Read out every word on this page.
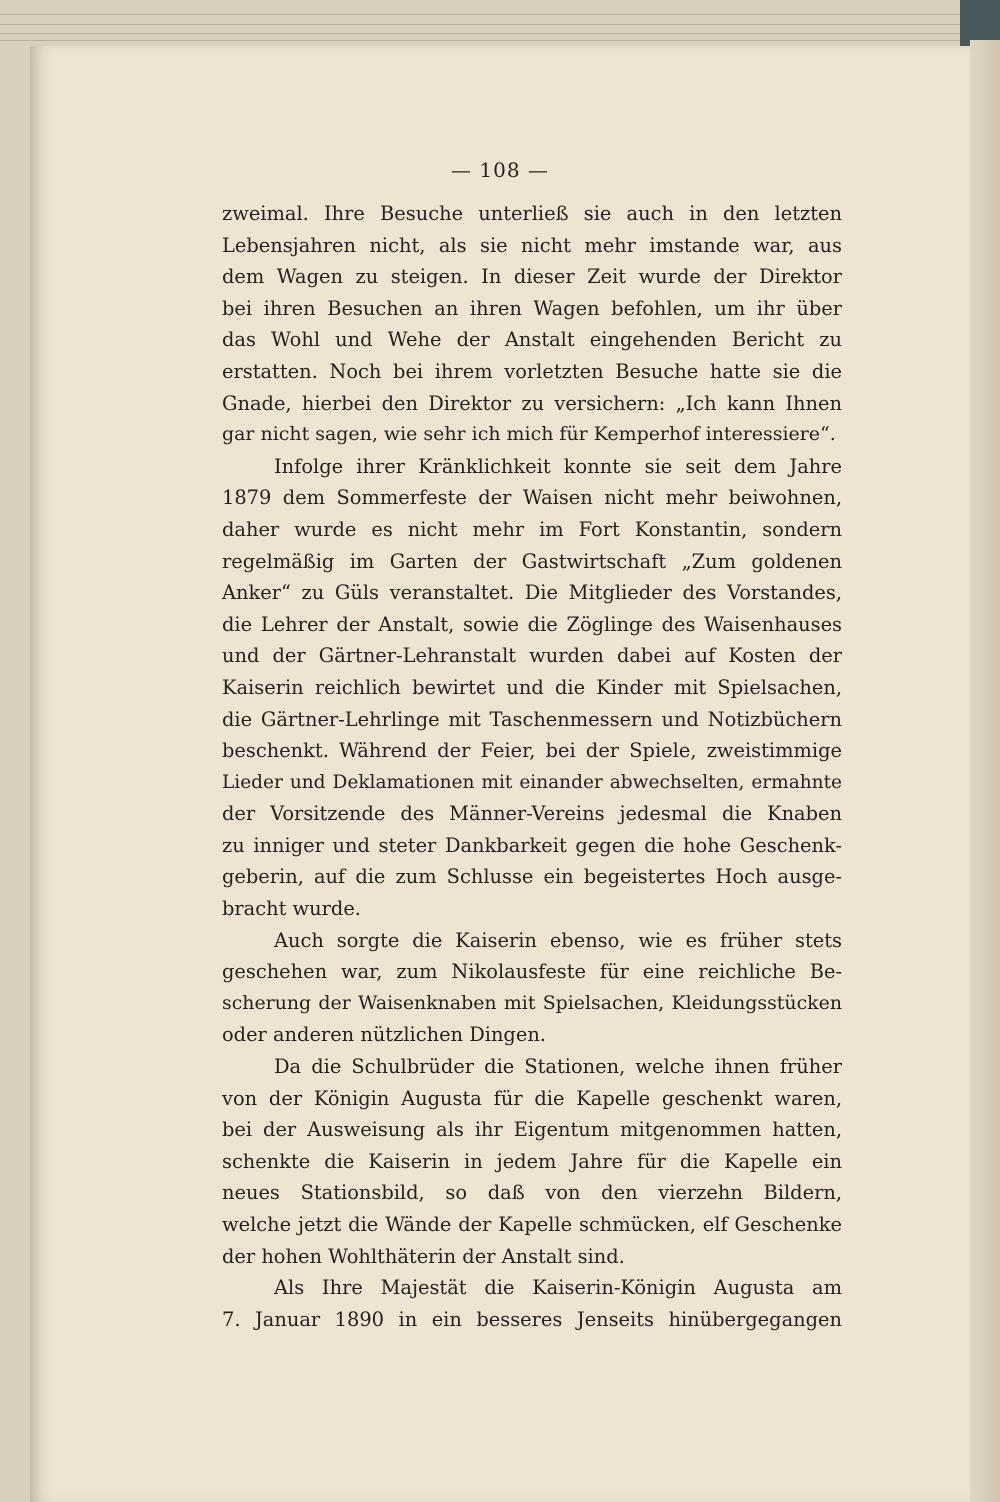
— 108 —
zweimal. Ihre Besuche unterließ sie auch in den letzten
Lebensjahren nicht, als sie nicht mehr imstande war, aus
dem Wagen zu steigen. In dieser Zeit wurde der Direktor
bei ihren Besuchen an ihren Wagen befohlen, um ihr über
das Wohl und Wehe der Anstalt eingehenden Bericht zu
erstatten. Noch bei ihrem vorletzten Besuche hatte sie die
Gnade, hierbei den Direktor zu versichern: „Ich kann Ihnen
gar nicht sagen, wie sehr ich mich für Kemperhof interessiere“.
Infolge ihrer Kränklichkeit konnte sie seit dem Jahre
1879 dem Sommerfeste der Waisen nicht mehr beiwohnen,
daher wurde es nicht mehr im Fort Konstantin, sondern
regelmäßig im Garten der Gastwirtschaft „Zum goldenen
Anker“ zu Güls veranstaltet. Die Mitglieder des Vorstandes,
die Lehrer der Anstalt, sowie die Zöglinge des Waisenhauses
und der Gärtner-Lehranstalt wurden dabei auf Kosten der
Kaiserin reichlich bewirtet und die Kinder mit Spielsachen,
die Gärtner-Lehrlinge mit Taschenmessern und Notizbüchern
beschenkt. Während der Feier, bei der Spiele, zweistimmige
Lieder und Deklamationen mit einander abwechselten, ermahnte
der Vorsitzende des Männer-Vereins jedesmal die Knaben
zu inniger und steter Dankbarkeit gegen die hohe Geschenk-
geberin, auf die zum Schlusse ein begeistertes Hoch ausge-
bracht wurde.
Auch sorgte die Kaiserin ebenso, wie es früher stets
geschehen war, zum Nikolausfeste für eine reichliche Be-
scherung der Waisenknaben mit Spielsachen, Kleidungsstücken
oder anderen nützlichen Dingen.
Da die Schulbrüder die Stationen, welche ihnen früher
von der Königin Augusta für die Kapelle geschenkt waren,
bei der Ausweisung als ihr Eigentum mitgenommen hatten,
schenkte die Kaiserin in jedem Jahre für die Kapelle ein
neues Stationsbild, so daß von den vierzehn Bildern,
welche jetzt die Wände der Kapelle schmücken, elf Geschenke
der hohen Wohlthäterin der Anstalt sind.
Als Ihre Majestät die Kaiserin-Königin Augusta am
7. Januar 1890 in ein besseres Jenseits hinübergegangen
